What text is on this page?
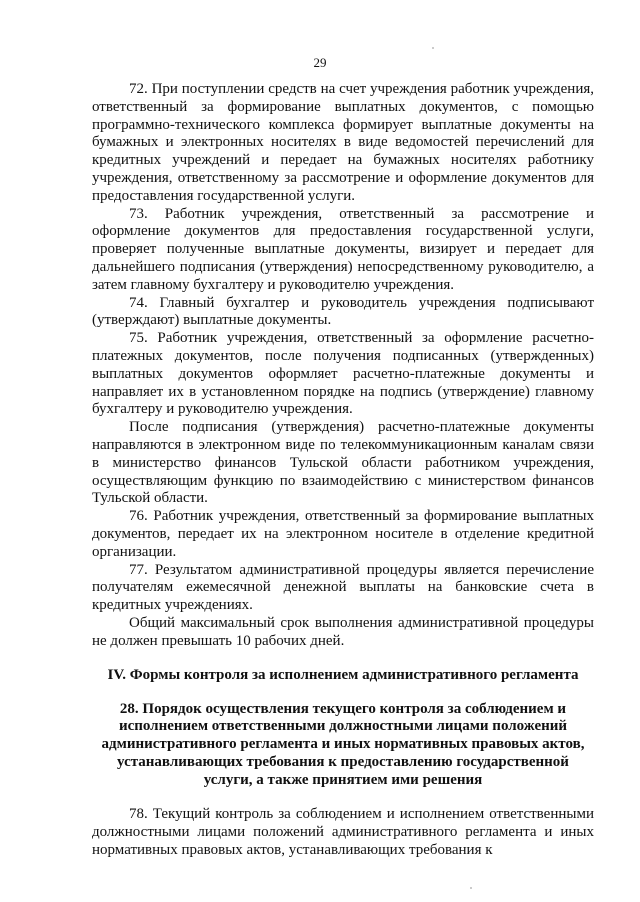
29

72. При поступлении средств на счет учреждения работник учреждения, ответственный за формирование выплатных документов, с помощью программно-технического комплекса формирует выплатные документы на бумажных и электронных носителях в виде ведомостей перечислений для кредитных учреждений и передает на бумажных носителях работнику учреждения, ответственному за рассмотрение и оформление документов для предоставления государственной услуги.

73. Работник учреждения, ответственный за рассмотрение и оформление документов для предоставления государственной услуги, проверяет полученные выплатные документы, визирует и передает для дальнейшего подписания (утверждения) непосредственному руководителю, а затем главному бухгалтеру и руководителю учреждения.

74. Главный бухгалтер и руководитель учреждения подписывают (утверждают) выплатные документы.

75. Работник учреждения, ответственный за оформление расчетно-платежных документов, после получения подписанных (утвержденных) выплатных документов оформляет расчетно-платежные документы и направляет их в установленном порядке на подпись (утверждение) главному бухгалтеру и руководителю учреждения.

После подписания (утверждения) расчетно-платежные документы направляются в электронном виде по телекоммуникационным каналам связи в министерство финансов Тульской области работником учреждения, осуществляющим функцию по взаимодействию с министерством финансов Тульской области.

76. Работник учреждения, ответственный за формирование выплатных документов, передает их на электронном носителе в отделение кредитной организации.

77. Результатом административной процедуры является перечисление получателям ежемесячной денежной выплаты на банковские счета в кредитных учреждениях.

Общий максимальный срок выполнения административной процедуры не должен превышать 10 рабочих дней.

IV. Формы контроля за исполнением административного регламента
28. Порядок осуществления текущего контроля за соблюдением и исполнением ответственными должностными лицами положений административного регламента и иных нормативных правовых актов, устанавливающих требования к предоставлению государственной услуги, а также принятием ими решения

78. Текущий контроль за соблюдением и исполнением ответственными должностными лицами положений административного регламента и иных нормативных правовых актов, устанавливающих требования к
